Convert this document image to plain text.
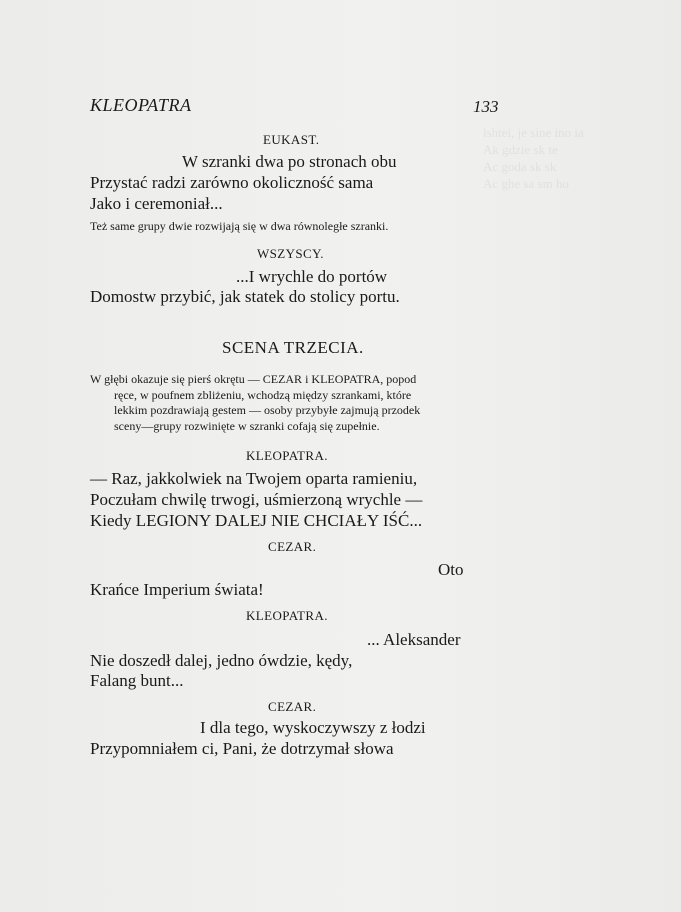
lshtei, je sine ino ia
Ak gdzie sk te
Ac goda sk sk
Ac ghe sa sm ho
KLEOPATRA	133
EUKAST.
W szranki dwa po stronach obu
Przystać radzi zarówno okoliczność sama
Jako i ceremoniał...
Też same grupy dwie rozwijają się w dwa równoległe szranki.
WSZYSCY.
...I wrychle do portów
Domostw przybić, jak statek do stolicy portu.
SCENA TRZECIA.
W głębi okazuje się pierś okrętu — CEZAR i KLEOPATRA, popod
ręce, w poufnem zbliżeniu, wchodzą między szrankami, które
lekkim pozdrawiają gestem — osoby przybyłe zajmują przodek
sceny—grupy rozwinięte w szranki cofają się zupełnie.
KLEOPATRA.
— Raz, jakkolwiek na Twojem oparta ramieniu,
Poczułam chwilę trwogi, uśmierzoną wrychle —
Kiedy LEGIONY DALEJ NIE CHCIAŁY IŚĆ...
CEZAR.
Oto
Krańce Imperium świata!
KLEOPATRA.
... Aleksander
Nie doszedł dalej, jedno ówdzie, kędy,
Falang bunt...
CEZAR.
I dla tego, wyskoczywszy z łodzi
Przypomniałem ci, Pani, że dotrzymał słowa
